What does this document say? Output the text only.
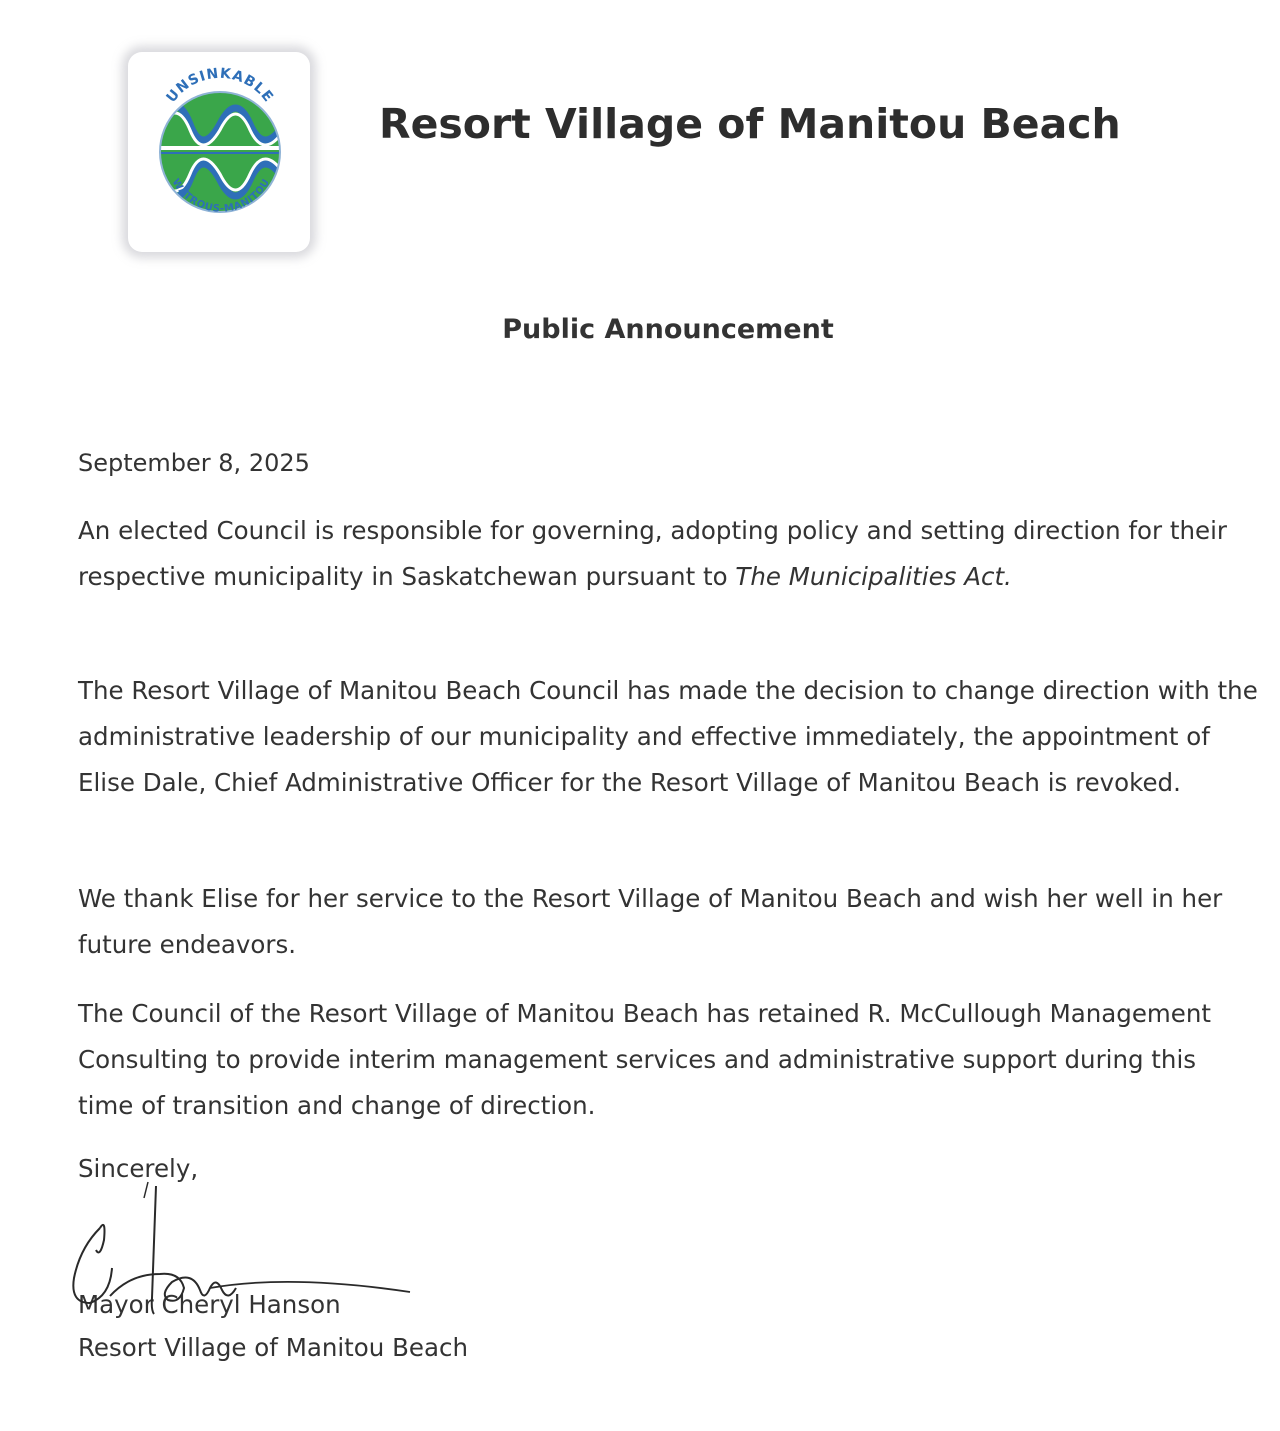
UNSINKABLE
WATROUS-MANITOU
Resort Village of Manitou Beach
Public Announcement
September 8, 2025
An elected Council is responsible for governing, adopting policy and setting direction for their respective municipality in Saskatchewan pursuant to The Municipalities Act.
The Resort Village of Manitou Beach Council has made the decision to change direction with the administrative leadership of our municipality and effective immediately, the appointment of Elise Dale, Chief Administrative Officer for the Resort Village of Manitou Beach is revoked.
We thank Elise for her service to the Resort Village of Manitou Beach and wish her well in her future endeavors.
The Council of the Resort Village of Manitou Beach has retained R. McCullough Management Consulting to provide interim management services and administrative support during this time of transition and change of direction.
Sincerely,
Mayor Cheryl Hanson
Resort Village of Manitou Beach
